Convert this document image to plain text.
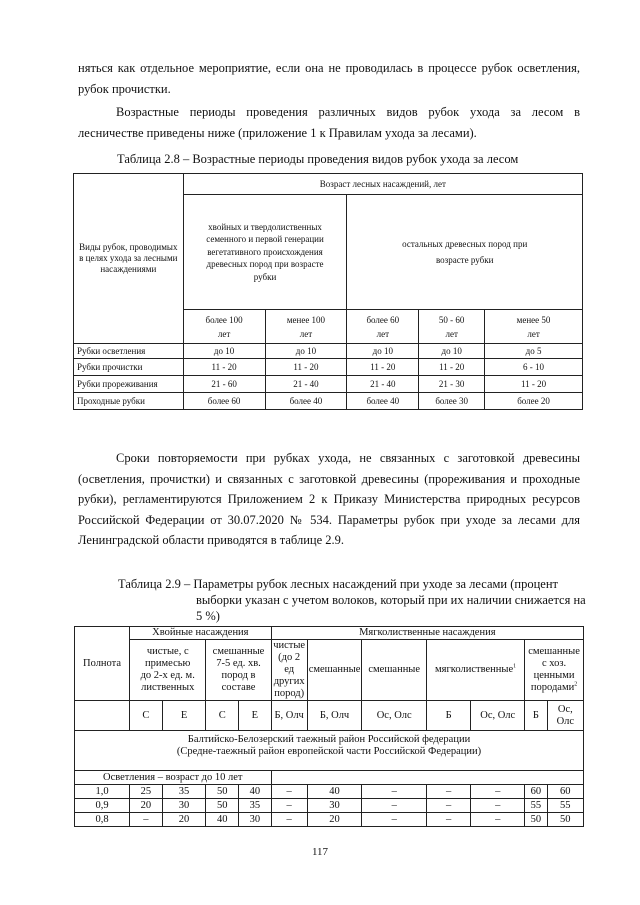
няться как отдельное мероприятие, если она не проводилась в процессе рубок осветления, рубок прочистки.

Возрастные периоды проведения различных видов рубок ухода за лесом в лесничестве приведены ниже (приложение 1 к Правилам ухода за лесами).

Таблица 2.8 – Возрастные периоды проведения видов рубок ухода за лесом
Виды рубок, проводимых в целях ухода за лесными насаждениями	Возраст лесных насаждений, лет				
	хвойных и твердолиственных семенного и первой генерации вегетативного происхождения древесных пород при возрасте рубки		остальных древесных пород при возрасте рубки		
	более 100 лет	менее 100 лет	более 60 лет	50 - 60 лет	менее 50 лет
Рубки осветления	до 10	до 10	до 10	до 10	до 5
Рубки прочистки	11 - 20	11 - 20	11 - 20	11 - 20	6 - 10
Рубки прореживания	21 - 60	21 - 40	21 - 40	21 - 30	11 - 20
Проходные рубки	более 60	более 40	более 40	более 30	более 20

Сроки повторяемости при рубках ухода, не связанных с заготовкой древесины (осветления, прочистки) и связанных с заготовкой древесины (прореживания и проходные рубки), регламентируются Приложением 2 к Приказу Министерства природных ресурсов Российской Федерации от 30.07.2020 № 534. Параметры рубок при уходе за лесами для Ленинградской области приводятся в таблице 2.9.

Таблица 2.9 – Параметры рубок лесных насаждений при уходе за лесами (процент
выборки указан с учетом волоков, который при их наличии снижается на 5 %)
Полнота	Хвойные насаждения				Мягколиственные насаждения						
	чистые, с примесью до 2-х ед. м. лиственных		смешанные 7-5 ед. хв. пород в составе		чистые (до 2 ед других пород)	смешанные	смешанные	мягколиственные$^1$		смешанные с хоз. ценными породами$^2$

	С	Е	С	Е	Б, Олч	Б, Олч	Ос, Олс	Б	Ос, Олс	Б	Ос, Олс

Балтийско-Белозерский таежный район Российской федерации
(Средне-таежный район европейской части Российской Федерации)											

Осветления – возраст до 10 лет											
1,0	25	35	50	40	–	40	–	–	–	60	60
0,9	20	30	50	35	–	30	–	–	–	55	55
0,8	–	20	40	30	–	20	–	–	–	50	50
117
